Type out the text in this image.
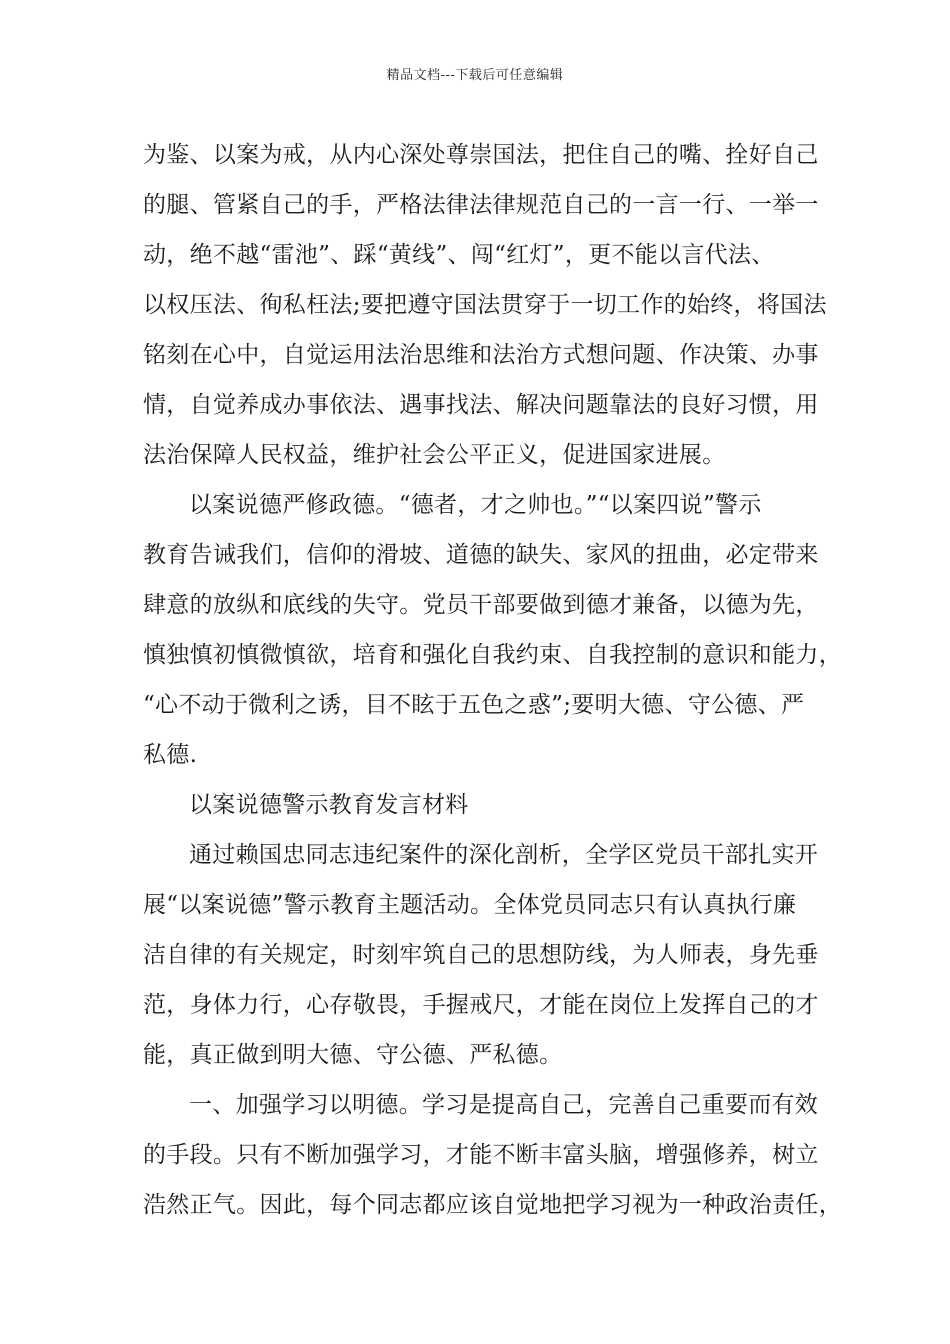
精品文档---下载后可任意编辑
为鉴、以案为戒，从内心深处尊崇国法，把住自己的嘴、拴好自己
的腿、管紧自己的手，严格法律法律规范自己的一言一行、一举一
动，绝不越“雷池”、踩“黄线”、闯“红灯”，更不能以言代法、
以权压法、徇私枉法;要把遵守国法贯穿于一切工作的始终，将国法
铭刻在心中，自觉运用法治思维和法治方式想问题、作决策、办事
情，自觉养成办事依法、遇事找法、解决问题靠法的良好习惯，用
法治保障人民权益，维护社会公平正义，促进国家进展。
以案说德严修政德。“德者，才之帅也。”“以案四说”警示
教育告诫我们，信仰的滑坡、道德的缺失、家风的扭曲，必定带来
肆意的放纵和底线的失守。党员干部要做到德才兼备，以德为先，
慎独慎初慎微慎欲，培育和强化自我约束、自我控制的意识和能力，
“心不动于微利之诱，目不眩于五色之惑”;要明大德、守公德、严
私德.
以案说德警示教育发言材料
通过赖国忠同志违纪案件的深化剖析，全学区党员干部扎实开
展“以案说德”警示教育主题活动。全体党员同志只有认真执行廉
洁自律的有关规定，时刻牢筑自己的思想防线，为人师表，身先垂
范，身体力行，心存敬畏，手握戒尺，才能在岗位上发挥自己的才
能，真正做到明大德、守公德、严私德。
一、加强学习以明德。学习是提高自己，完善自己重要而有效
的手段。只有不断加强学习，才能不断丰富头脑，增强修养，树立
浩然正气。因此，每个同志都应该自觉地把学习视为一种政治责任，
